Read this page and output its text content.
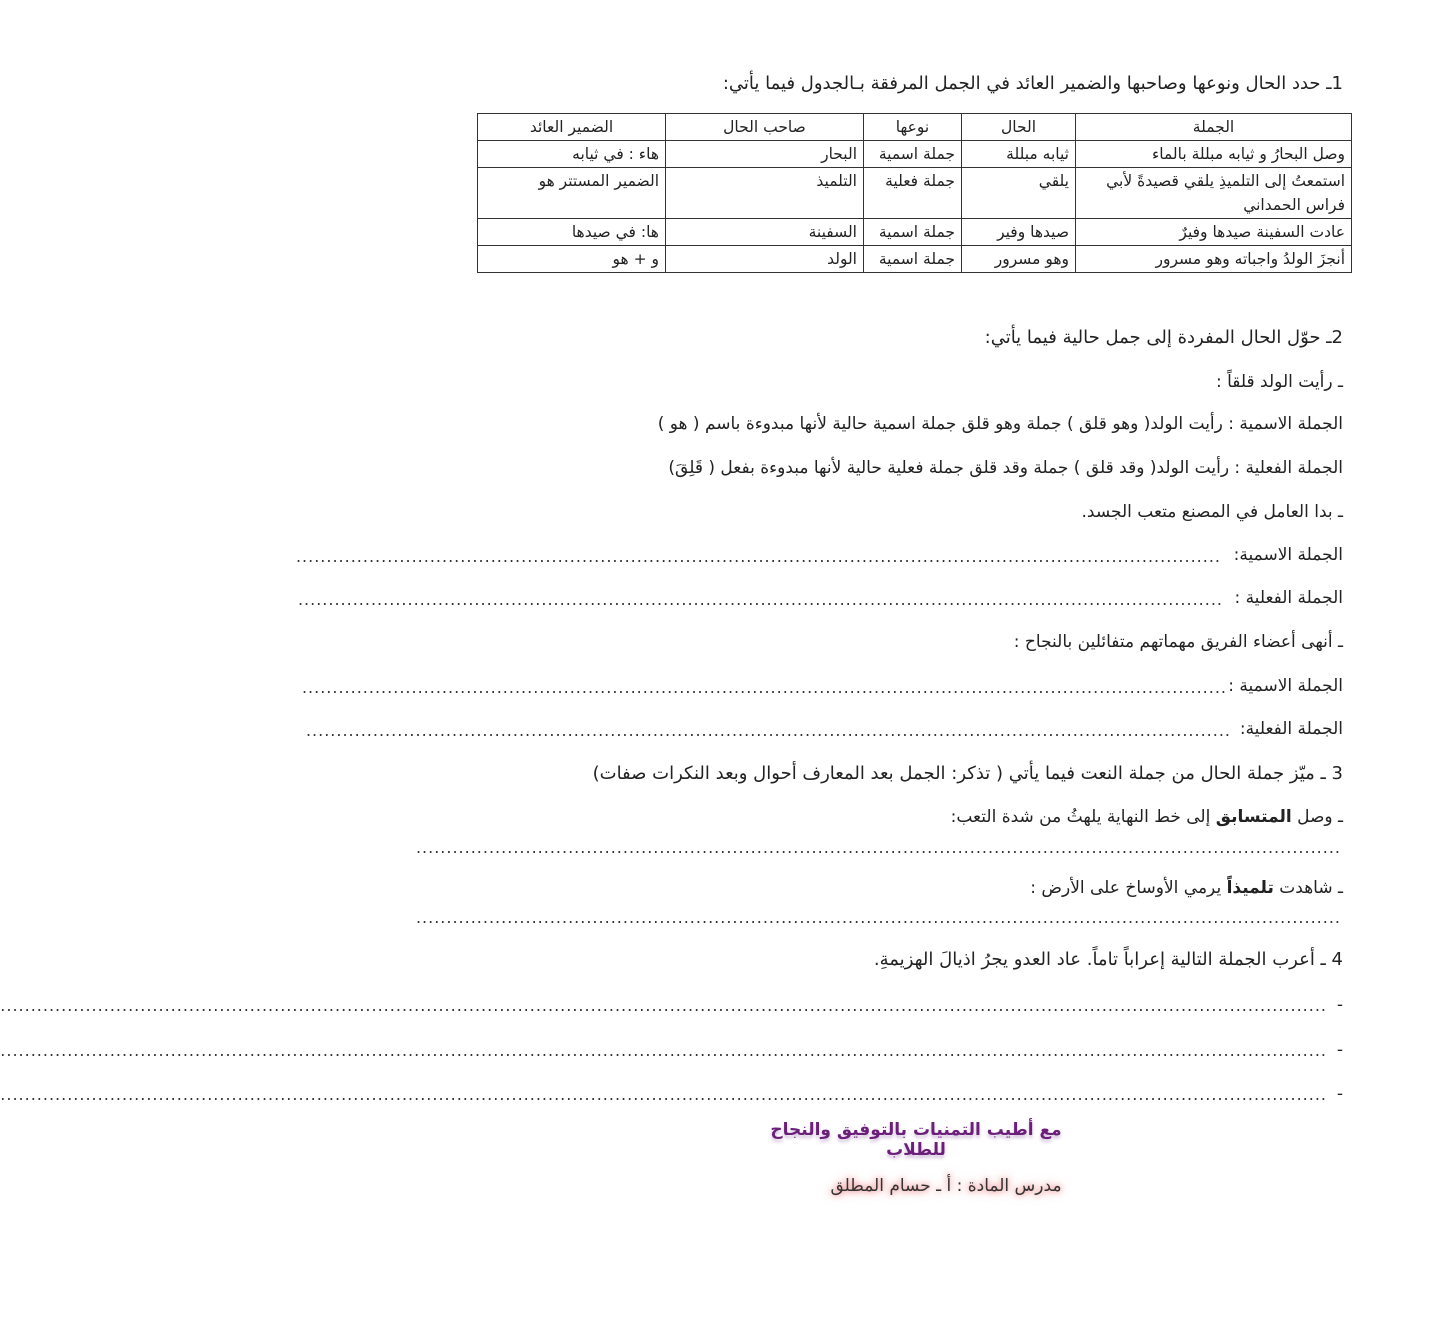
1ـ حدد الحال ونوعها وصاحبها والضمير العائد في الجمل المرفقة بـالجدول فيما يأتي:
الجملة	الحال	نوعها	صاحب الحال	الضمير العائد
وصل البحارُ و ثيابه مبللة بالماء	ثيابه مبللة	جملة اسمية	البحار	هاء : في ثيابه
استمعتُ إلى التلميذِ يلقي قصيدةً لأبي فراس الحمداني	يلقي	جملة فعلية	التلميذ	الضمير المستتر هو
عادت السفينة صيدها وفيرٌ	صيدها وفير	جملة اسمية	السفينة	ها: في صيدها
أنجزَ الولدُ واجباته وهو مسرور	وهو مسرور	جملة اسمية	الولد	و + هو
2ـ حوّل الحال المفردة إلى جمل حالية فيما يأتي:
ـ رأيت الولد قلقاً :
الجملة الاسمية : رأيت الولد( وهو قلق ) جملة وهو قلق جملة اسمية حالية لأنها مبدوءة باسم ( هو )
الجملة الفعلية : رأيت الولد( وقد قلق ) جملة وقد قلق جملة فعلية حالية لأنها مبدوءة بفعل ( قَلِقَ)
ـ بدا العامل في المصنع متعب الجسد.
الجملة الاسمية:
........................................................................................................................................................
الجملة الفعلية :
........................................................................................................................................................
ـ أنهى أعضاء الفريق مهماتهم متفائلين بالنجاح :
الجملة الاسمية :
........................................................................................................................................................
الجملة الفعلية:
........................................................................................................................................................
3 ـ ميّز جملة الحال من جملة النعت فيما يأتي ( تذكر: الجمل بعد المعارف أحوال وبعد النكرات صفات)
ـ وصل المتسابق إلى خط النهاية يلهثُ من شدة التعب:
........................................................................................................................................................
ـ شاهدت تلميذاً يرمي الأوساخ على الأرض :
........................................................................................................................................................
4 ـ أعرب الجملة التالية إعراباً تاماً. عاد العدو يجرُ اذيالَ الهزيمةِ.
-
..........................................................................................................................................................................................................................
-
..........................................................................................................................................................................................................................
-
..........................................................................................................................................................................................................................
مع أطيب التمنيات بالتوفيق والنجاح للطلاب
مدرس المادة : أ ـ حسام المطلق
